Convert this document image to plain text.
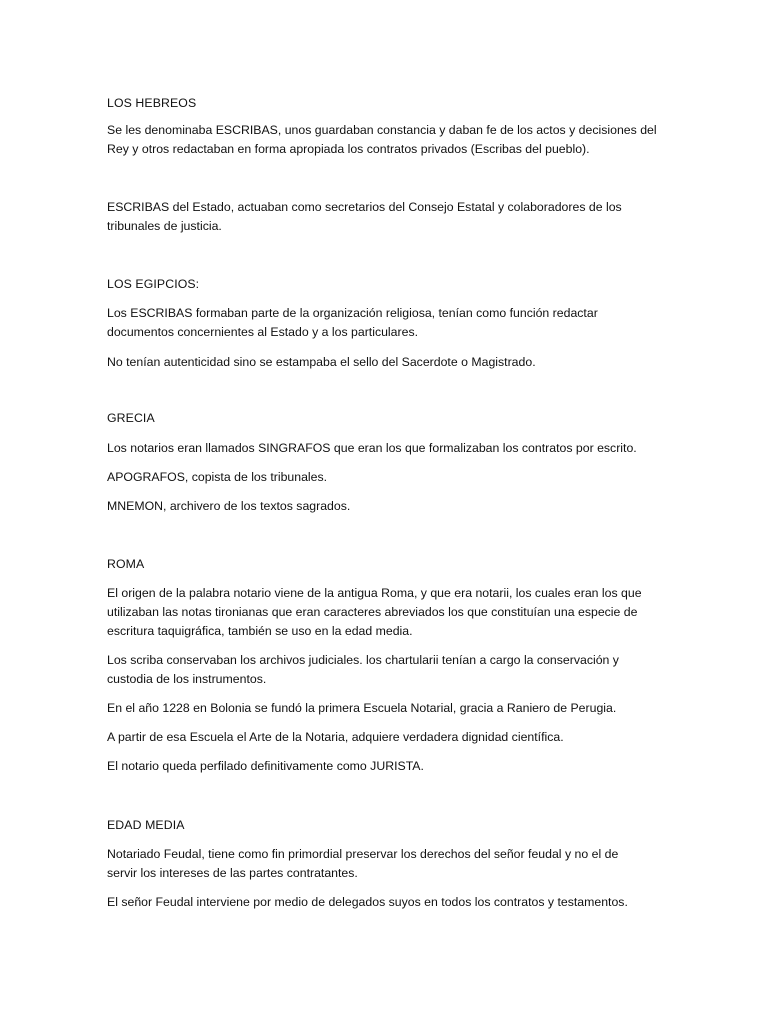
LOS HEBREOS

Se les denominaba ESCRIBAS, unos guardaban constancia y daban fe de los actos y decisiones del

Rey y otros redactaban en forma apropiada los contratos privados (Escribas del pueblo).

ESCRIBAS del Estado, actuaban como secretarios del Consejo Estatal y colaboradores de los

tribunales de justicia.

LOS EGIPCIOS:

Los ESCRIBAS formaban parte de la organización religiosa, tenían como función redactar

documentos concernientes al Estado y a los particulares.

No tenían autenticidad sino se estampaba el sello del Sacerdote o Magistrado.

GRECIA

Los notarios eran llamados SINGRAFOS que eran los que formalizaban los contratos por escrito.

APOGRAFOS, copista de los tribunales.

MNEMON, archivero de los textos sagrados.

ROMA

El origen de la palabra notario viene de la antigua Roma, y que era notarii, los cuales eran los que

utilizaban las notas tironianas que eran caracteres abreviados los que constituían una especie de

escritura taquigráfica, también se uso en la edad media.

Los scriba conservaban los archivos judiciales. los chartularii tenían a cargo la conservación y

custodia de los instrumentos.

En el año 1228 en Bolonia se fundó la primera Escuela Notarial, gracia a Raniero de Perugia.

A partir de esa Escuela el Arte de la Notaria, adquiere verdadera dignidad científica.

El notario queda perfilado definitivamente como JURISTA.

EDAD MEDIA

Notariado Feudal, tiene como fin primordial preservar los derechos del señor feudal y no el de

servir los intereses de las partes contratantes.

El señor Feudal interviene por medio de delegados suyos en todos los contratos y testamentos.
